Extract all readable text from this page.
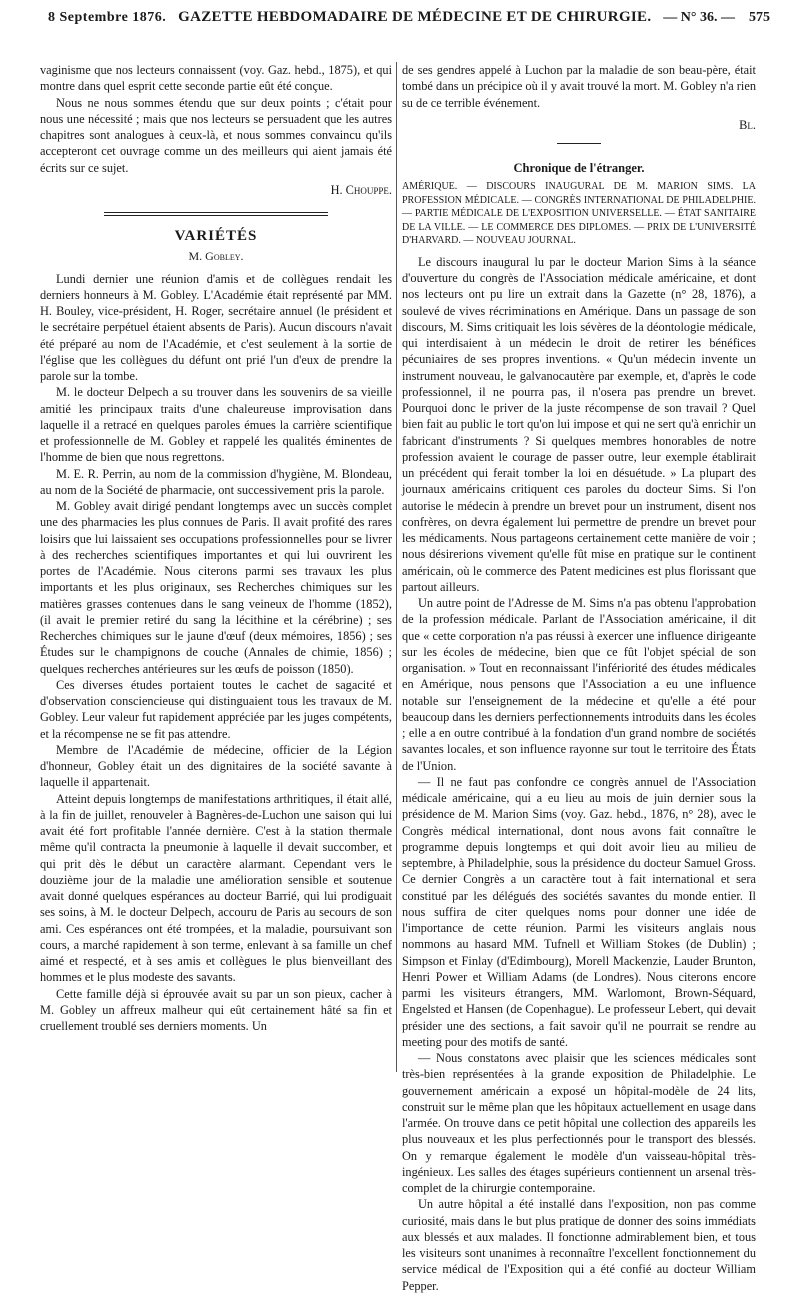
8 Septembre 1876. GAZETTE HEBDOMADAIRE DE MÉDECINE ET DE CHIRURGIE. — N° 36. — 575

vaginisme que nos lecteurs connaissent (voy. Gaz. hebd., 1875), et qui montre dans quel esprit cette seconde partie eût été conçue.

Nous ne nous sommes étendu que sur deux points ; c'était pour nous une nécessité ; mais que nos lecteurs se persuadent que les autres chapitres sont analogues à ceux-là, et nous sommes convaincu qu'ils accepteront cet ouvrage comme un des meilleurs qui aient jamais été écrits sur ce sujet.

H. Chouppe.

VARIÉTÉS

M. Gobley.

Lundi dernier une réunion d'amis et de collègues rendait les derniers honneurs à M. Gobley. L'Académie était représenté par MM. H. Bouley, vice-président, H. Roger, secrétaire annuel (le président et le secrétaire perpétuel étaient absents de Paris). Aucun discours n'avait été préparé au nom de l'Académie, et c'est seulement à la sortie de l'église que les collègues du défunt ont prié l'un d'eux de prendre la parole sur la tombe.

M. le docteur Delpech a su trouver dans les souvenirs de sa vieille amitié les principaux traits d'une chaleureuse improvisation dans laquelle il a retracé en quelques paroles émues la carrière scientifique et professionnelle de M. Gobley et rappelé les qualités éminentes de l'homme de bien que nous regrettons.

M. E. R. Perrin, au nom de la commission d'hygiène, M. Blondeau, au nom de la Société de pharmacie, ont successivement pris la parole.

M. Gobley avait dirigé pendant longtemps avec un succès complet une des pharmacies les plus connues de Paris. Il avait profité des rares loisirs que lui laissaient ses occupations professionnelles pour se livrer à des recherches scientifiques importantes et qui lui ouvrirent les portes de l'Académie. Nous citerons parmi ses travaux les plus importants et les plus originaux, ses Recherches chimiques sur les matières grasses contenues dans le sang veineux de l'homme (1852), (il avait le premier retiré du sang la lécithine et la cérébrine) ; ses Recherches chimiques sur le jaune d'œuf (deux mémoires, 1856) ; ses Études sur le champignons de couche (Annales de chimie, 1856) ; quelques recherches antérieures sur les œufs de poisson (1850).

Ces diverses études portaient toutes le cachet de sagacité et d'observation consciencieuse qui distinguaient tous les travaux de M. Gobley. Leur valeur fut rapidement appréciée par les juges compétents, et la récompense ne se fit pas attendre.

Membre de l'Académie de médecine, officier de la Légion d'honneur, Gobley était un des dignitaires de la société savante à laquelle il appartenait.

Atteint depuis longtemps de manifestations arthritiques, il était allé, à la fin de juillet, renouveler à Bagnères-de-Luchon une saison qui lui avait été fort profitable l'année dernière. C'est à la station thermale même qu'il contracta la pneumonie à laquelle il devait succomber, et qui prit dès le début un caractère alarmant. Cependant vers le douzième jour de la maladie une amélioration sensible et soutenue avait donné quelques espérances au docteur Barrié, qui lui prodiguait ses soins, à M. le docteur Delpech, accouru de Paris au secours de son ami. Ces espérances ont été trompées, et la maladie, poursuivant son cours, a marché rapidement à son terme, enlevant à sa famille un chef aimé et respecté, et à ses amis et collègues le plus bienveillant des hommes et le plus modeste des savants.

Cette famille déjà si éprouvée avait su par un son pieux, cacher à M. Gobley un affreux malheur qui eût certainement hâté sa fin et cruellement troublé ses derniers moments. Un

de ses gendres appelé à Luchon par la maladie de son beau-père, était tombé dans un précipice où il y avait trouvé la mort. M. Gobley n'a rien su de ce terrible événement.

Bl.

Chronique de l'étranger.

AMÉRIQUE. — DISCOURS INAUGURAL DE M. MARION SIMS. LA PROFESSION MÉDICALE. — CONGRÈS INTERNATIONAL DE PHILADELPHIE. — PARTIE MÉDICALE DE L'EXPOSITION UNIVERSELLE. — ÉTAT SANITAIRE DE LA VILLE. — LE COMMERCE DES DIPLOMES. — PRIX DE L'UNIVERSITÉ D'HARVARD. — NOUVEAU JOURNAL.

Le discours inaugural lu par le docteur Marion Sims à la séance d'ouverture du congrès de l'Association médicale américaine, et dont nos lecteurs ont pu lire un extrait dans la Gazette (n° 28, 1876), a soulevé de vives récriminations en Amérique. Dans un passage de son discours, M. Sims critiquait les lois sévères de la déontologie médicale, qui interdisaient à un médecin le droit de retirer les bénéfices pécuniaires de ses propres inventions. « Qu'un médecin invente un instrument nouveau, le galvanocautère par exemple, et, d'après le code professionnel, il ne pourra pas, il n'osera pas prendre un brevet. Pourquoi donc le priver de la juste récompense de son travail ? Quel bien fait au public le tort qu'on lui impose et qui ne sert qu'à enrichir un fabricant d'instruments ? Si quelques membres honorables de notre profession avaient le courage de passer outre, leur exemple établirait un précédent qui ferait tomber la loi en désuétude. » La plupart des journaux américains critiquent ces paroles du docteur Sims. Si l'on autorise le médecin à prendre un brevet pour un instrument, disent nos confrères, on devra également lui permettre de prendre un brevet pour les médicaments. Nous partageons certainement cette manière de voir ; nous désirerions vivement qu'elle fût mise en pratique sur le continent américain, où le commerce des Patent medicines est plus florissant que partout ailleurs.

Un autre point de l'Adresse de M. Sims n'a pas obtenu l'approbation de la profession médicale. Parlant de l'Association américaine, il dit que « cette corporation n'a pas réussi à exercer une influence dirigeante sur les écoles de médecine, bien que ce fût l'objet spécial de son organisation. » Tout en reconnaissant l'infériorité des études médicales en Amérique, nous pensons que l'Association a eu une influence notable sur l'enseignement de la médecine et qu'elle a été pour beaucoup dans les derniers perfectionnements introduits dans les écoles ; elle a en outre contribué à la fondation d'un grand nombre de sociétés savantes locales, et son influence rayonne sur tout le territoire des États de l'Union.

— Il ne faut pas confondre ce congrès annuel de l'Association médicale américaine, qui a eu lieu au mois de juin dernier sous la présidence de M. Marion Sims (voy. Gaz. hebd., 1876, n° 28), avec le Congrès médical international, dont nous avons fait connaître le programme depuis longtemps et qui doit avoir lieu au milieu de septembre, à Philadelphie, sous la présidence du docteur Samuel Gross. Ce dernier Congrès a un caractère tout à fait international et sera constitué par les délégués des sociétés savantes du monde entier. Il nous suffira de citer quelques noms pour donner une idée de l'importance de cette réunion. Parmi les visiteurs anglais nous nommons au hasard MM. Tufnell et William Stokes (de Dublin) ; Simpson et Finlay (d'Edimbourg), Morell Mackenzie, Lauder Brunton, Henri Power et William Adams (de Londres). Nous citerons encore parmi les visiteurs étrangers, MM. Warlomont, Brown-Séquard, Engelsted et Hansen (de Copenhague). Le professeur Lebert, qui devait présider une des sections, a fait savoir qu'il ne pourrait se rendre au meeting pour des motifs de santé.

— Nous constatons avec plaisir que les sciences médicales sont très-bien représentées à la grande exposition de Philadelphie. Le gouvernement américain a exposé un hôpital-modèle de 24 lits, construit sur le même plan que les hôpitaux actuellement en usage dans l'armée. On trouve dans ce petit hôpital une collection des appareils les plus nouveaux et les plus perfectionnés pour le transport des blessés. On y remarque également le modèle d'un vaisseau-hôpital très-ingénieux. Les salles des étages supérieurs contiennent un arsenal très-complet de la chirurgie contemporaine.

Un autre hôpital a été installé dans l'exposition, non pas comme curiosité, mais dans le but plus pratique de donner des soins immédiats aux blessés et aux malades. Il fonctionne admirablement bien, et tous les visiteurs sont unanimes à reconnaître l'excellent fonctionnement du service médical de l'Exposition qui a été confié au docteur William Pepper.
